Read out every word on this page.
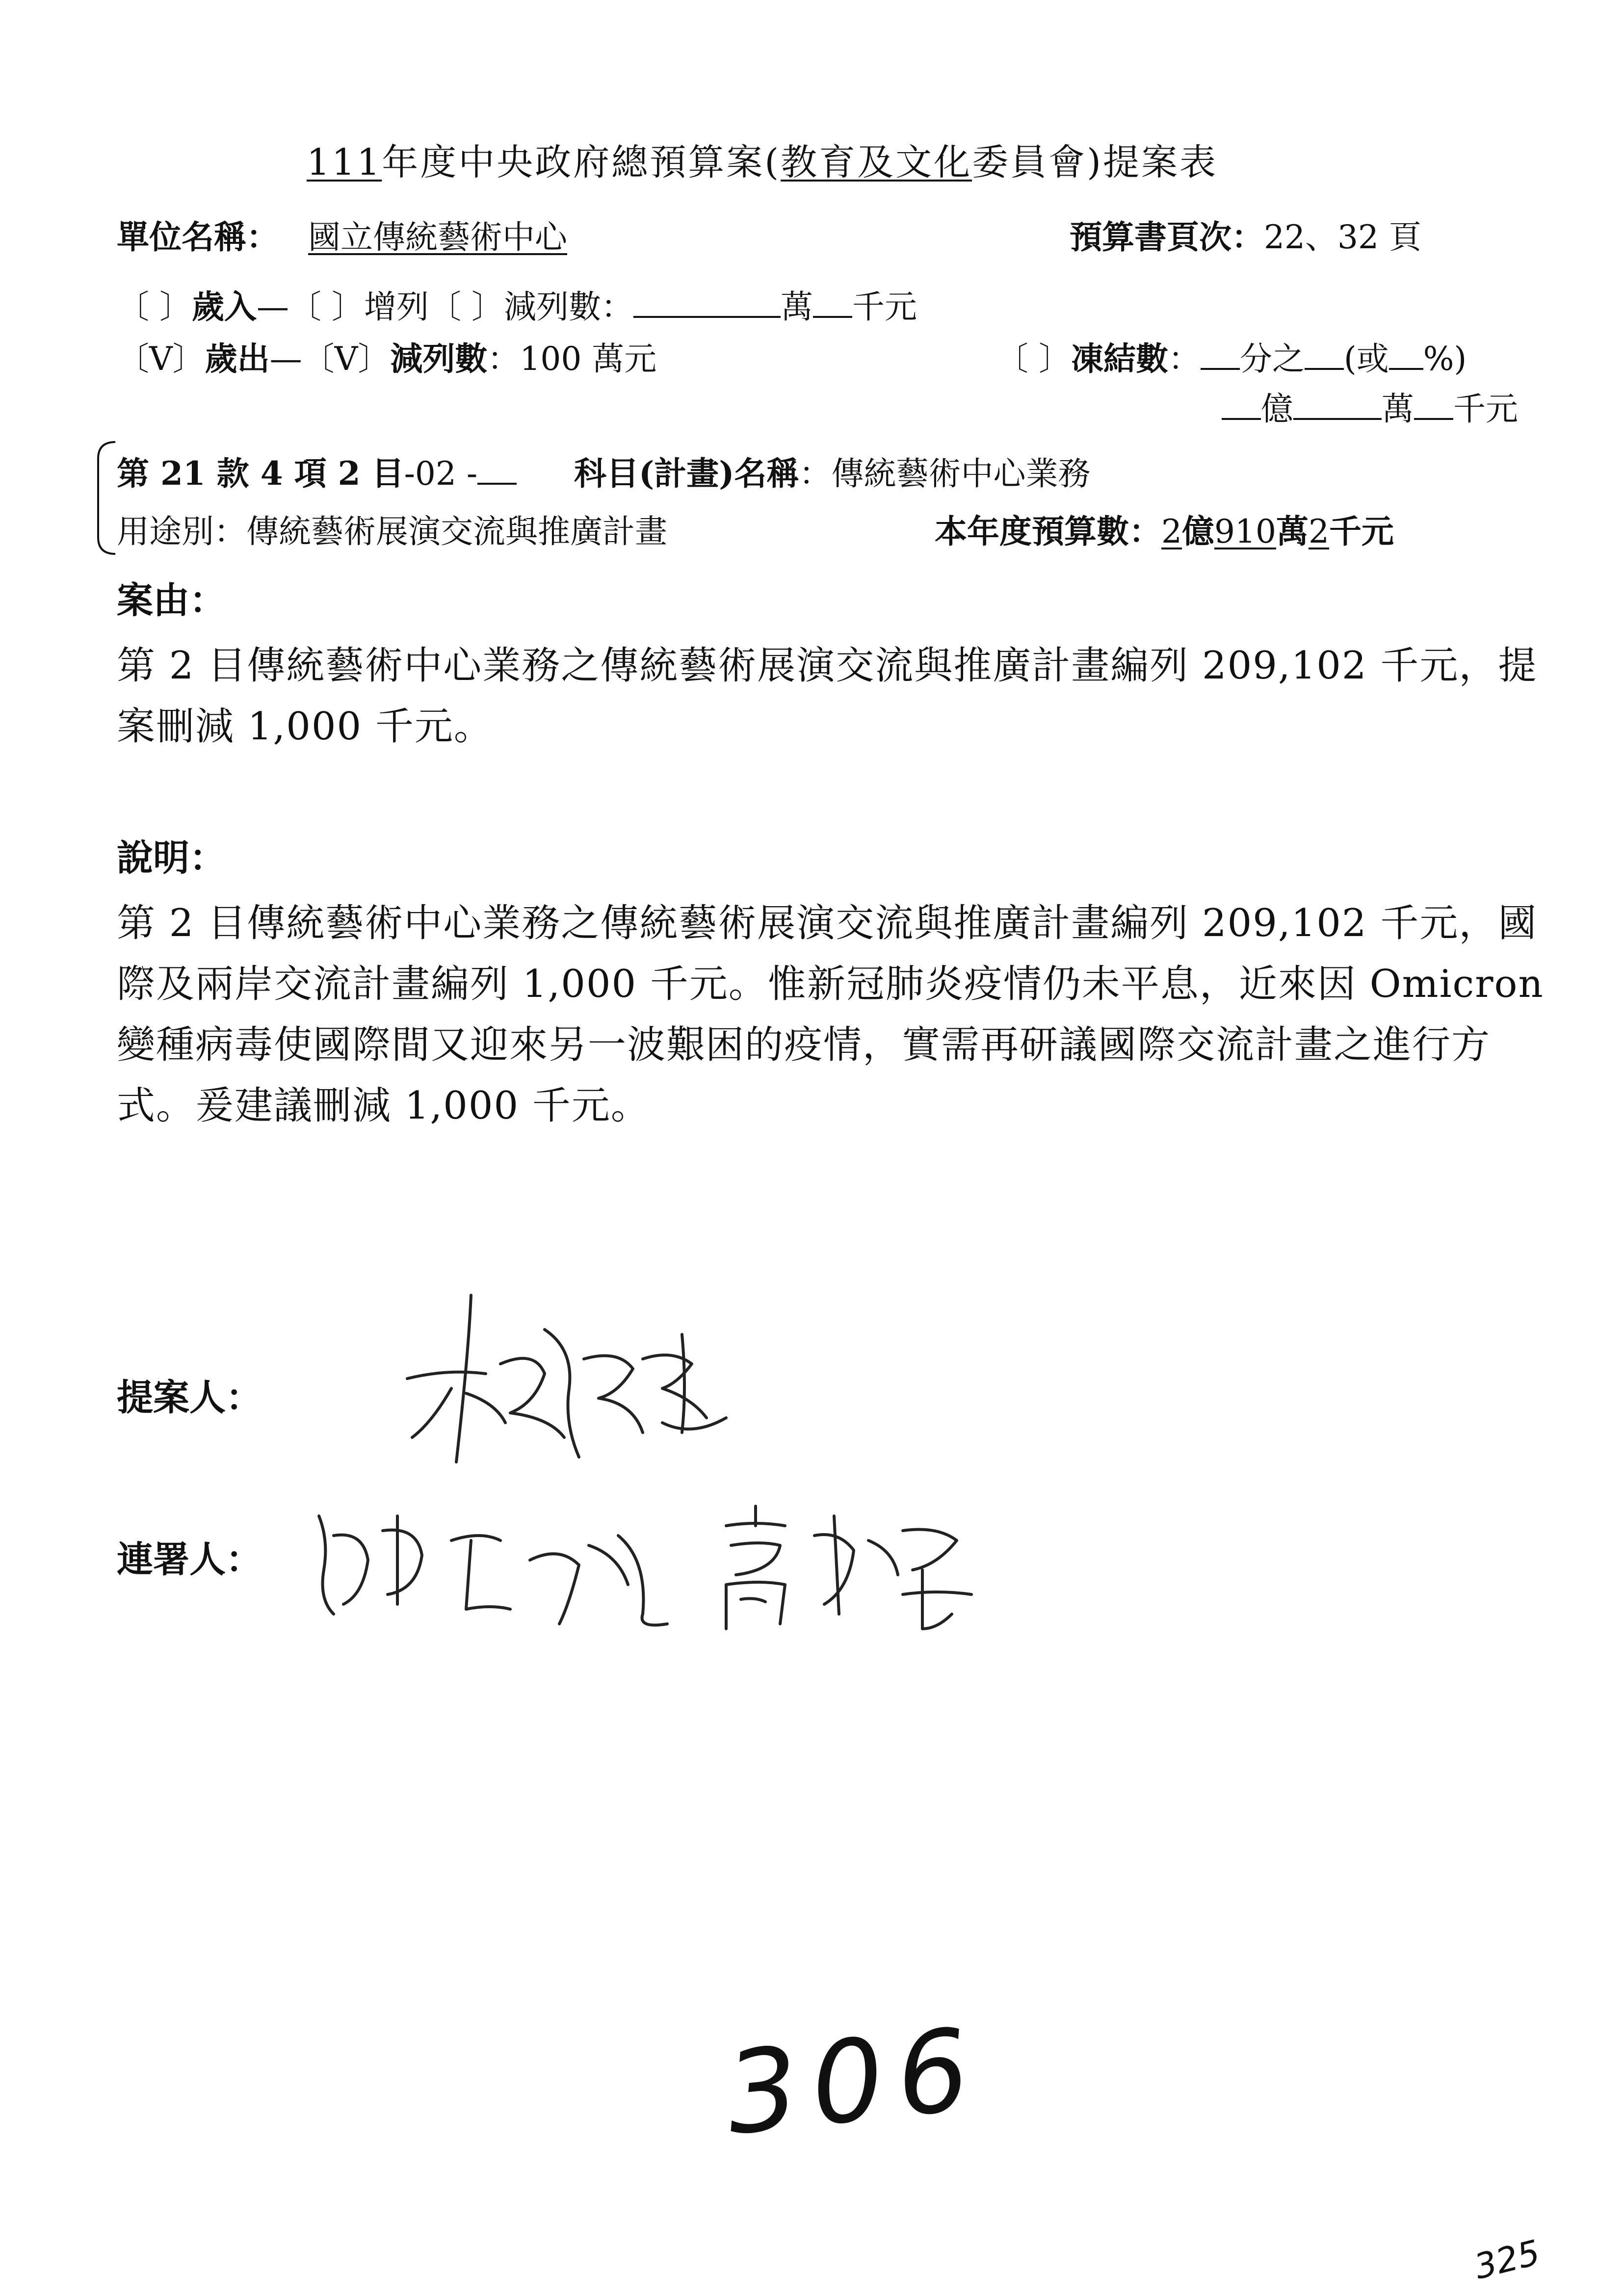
111年度中央政府總預算案(教育及文化委員會)提案表
單位名稱： 國立傳統藝術中心	預算書頁次：22、32 頁
〔 〕歲入—〔 〕增列〔 〕減列數：	萬 千元
〔V〕歲出—〔V〕減列數：100 萬元	〔 〕凍結數： 分之 (或 %)
億	萬 千元
第 21 款 4 項 2 目-02 -	科目(計畫)名稱：傳統藝術中心業務
用途別：傳統藝術展演交流與推廣計畫	本年度預算數：2億910萬2千元
案由：
第 2 目傳統藝術中心業務之傳統藝術展演交流與推廣計畫編列 209,102 千元，提案刪減 1,000 千元。
說明：
第 2 目傳統藝術中心業務之傳統藝術展演交流與推廣計畫編列 209,102 千元，國際及兩岸交流計畫編列 1,000 千元。惟新冠肺炎疫情仍未平息，近來因 Omicron 變種病毒使國際間又迎來另一波艱困的疫情，實需再研議國際交流計畫之進行方式。爰建議刪減 1,000 千元。
提案人：
連署人：
306
325
